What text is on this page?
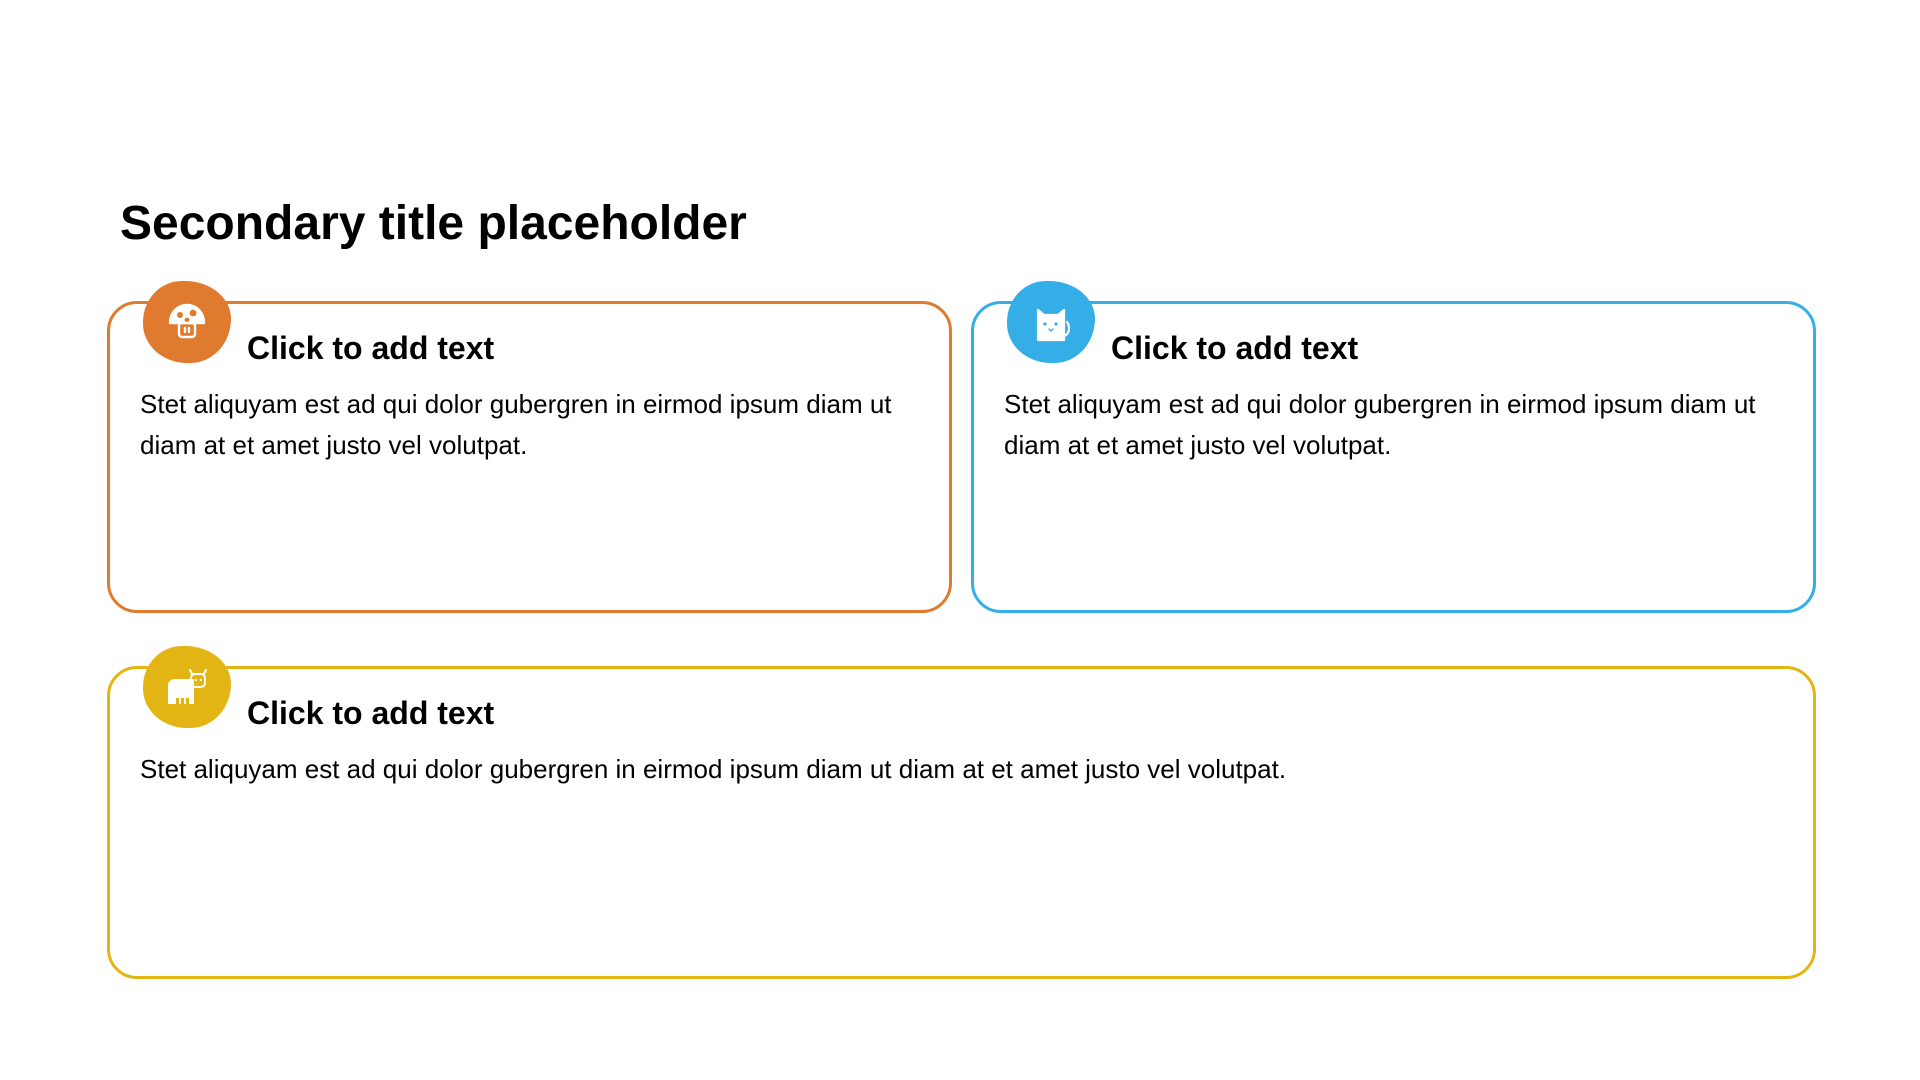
Secondary title placeholder
Click to add text
Stet aliquyam est ad qui dolor gubergren in eirmod ipsum diam ut diam at et amet justo vel volutpat.
Click to add text
Stet aliquyam est ad qui dolor gubergren in eirmod ipsum diam ut diam at et amet justo vel volutpat.
Click to add text
Stet aliquyam est ad qui dolor gubergren in eirmod ipsum diam ut diam at et amet justo vel volutpat.
